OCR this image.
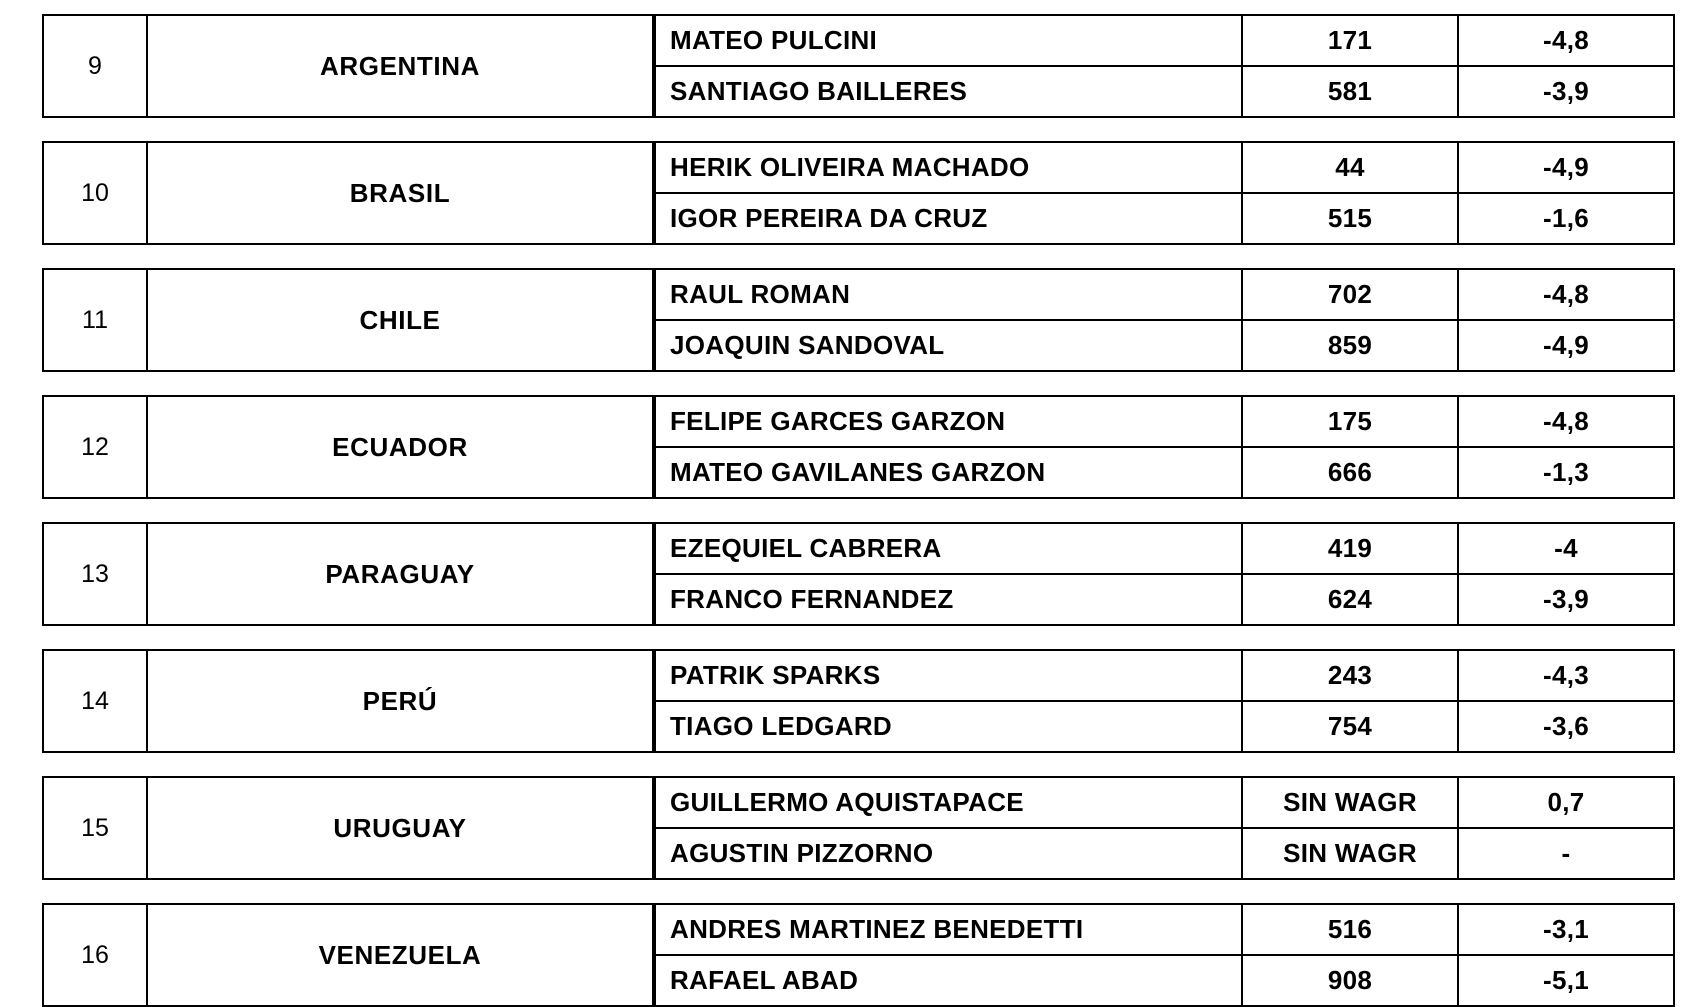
9	ARGENTINA
MATEO PULCINI	171	-4,8
SANTIAGO BAILLERES	581	-3,9
10	BRASIL
HERIK OLIVEIRA MACHADO	44	-4,9
IGOR PEREIRA DA CRUZ	515	-1,6
11	CHILE
RAUL ROMAN	702	-4,8
JOAQUIN SANDOVAL	859	-4,9
12	ECUADOR
FELIPE GARCES GARZON	175	-4,8
MATEO GAVILANES GARZON	666	-1,3
13	PARAGUAY
EZEQUIEL CABRERA	419	-4
FRANCO FERNANDEZ	624	-3,9
14	PERÚ
PATRIK SPARKS	243	-4,3
TIAGO LEDGARD	754	-3,6
15	URUGUAY
GUILLERMO AQUISTAPACE	SIN WAGR	0,7
AGUSTIN PIZZORNO	SIN WAGR	-
16	VENEZUELA
ANDRES MARTINEZ BENEDETTI	516	-3,1
RAFAEL ABAD	908	-5,1
